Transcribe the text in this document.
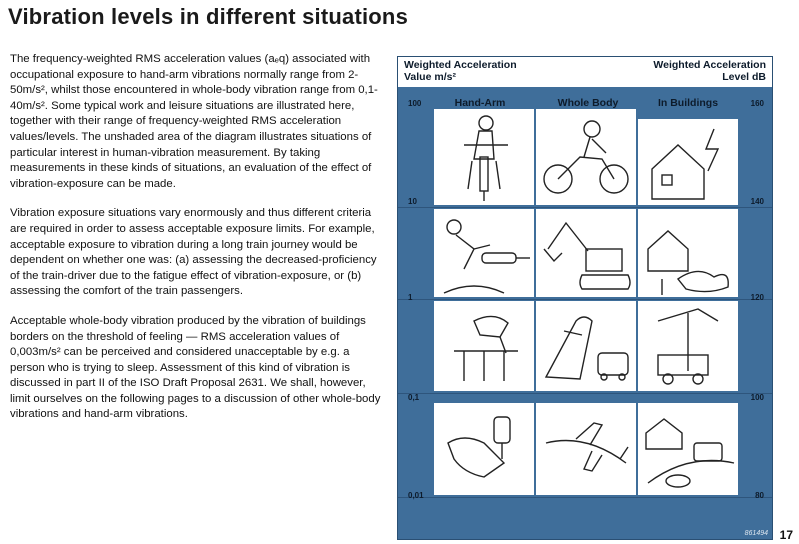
Vibration levels in different situations

The frequency-weighted RMS acceleration values (aₑq) associated with occupational exposure to hand-arm vibrations normally range from 2-50m/s², whilst those encountered in whole-body vibration range from 0,1-40m/s². Some typical work and leisure situations are illustrated here, together with their range of frequency-weighted RMS acceleration values/levels. The unshaded area of the diagram illustrates situations of particular interest in human-vibration measurement. By taking measurements in these kinds of situations, an evaluation of the effect of vibration-exposure can be made.

Vibration exposure situations vary enormously and thus different criteria are required in order to assess acceptable exposure limits. For example, acceptable exposure to vibration during a long train journey would be dependent on whether one was: (a) assessing the decreased-proficiency of the train-driver due to the fatigue effect of vibration-exposure, or (b) assessing the comfort of the train passengers.

Acceptable whole-body vibration produced by the vibration of buildings borders on the threshold of feeling — RMS acceleration values of 0,003m/s² can be perceived and considered unacceptable by e.g. a person who is trying to sleep. Assessment of this kind of vibration is discussed in part II of the ISO Draft Proposal 2631. We shall, however, limit ourselves on the following pages to a discussion of other whole-body vibrations and hand-arm vibrations.

Weighted Acceleration
Value m/s²
Weighted Acceleration
Level dB
Hand-Arm	Whole Body	In Buildings
100
10
1
0,1
0,01
160
140
120
100
80
861494 17
